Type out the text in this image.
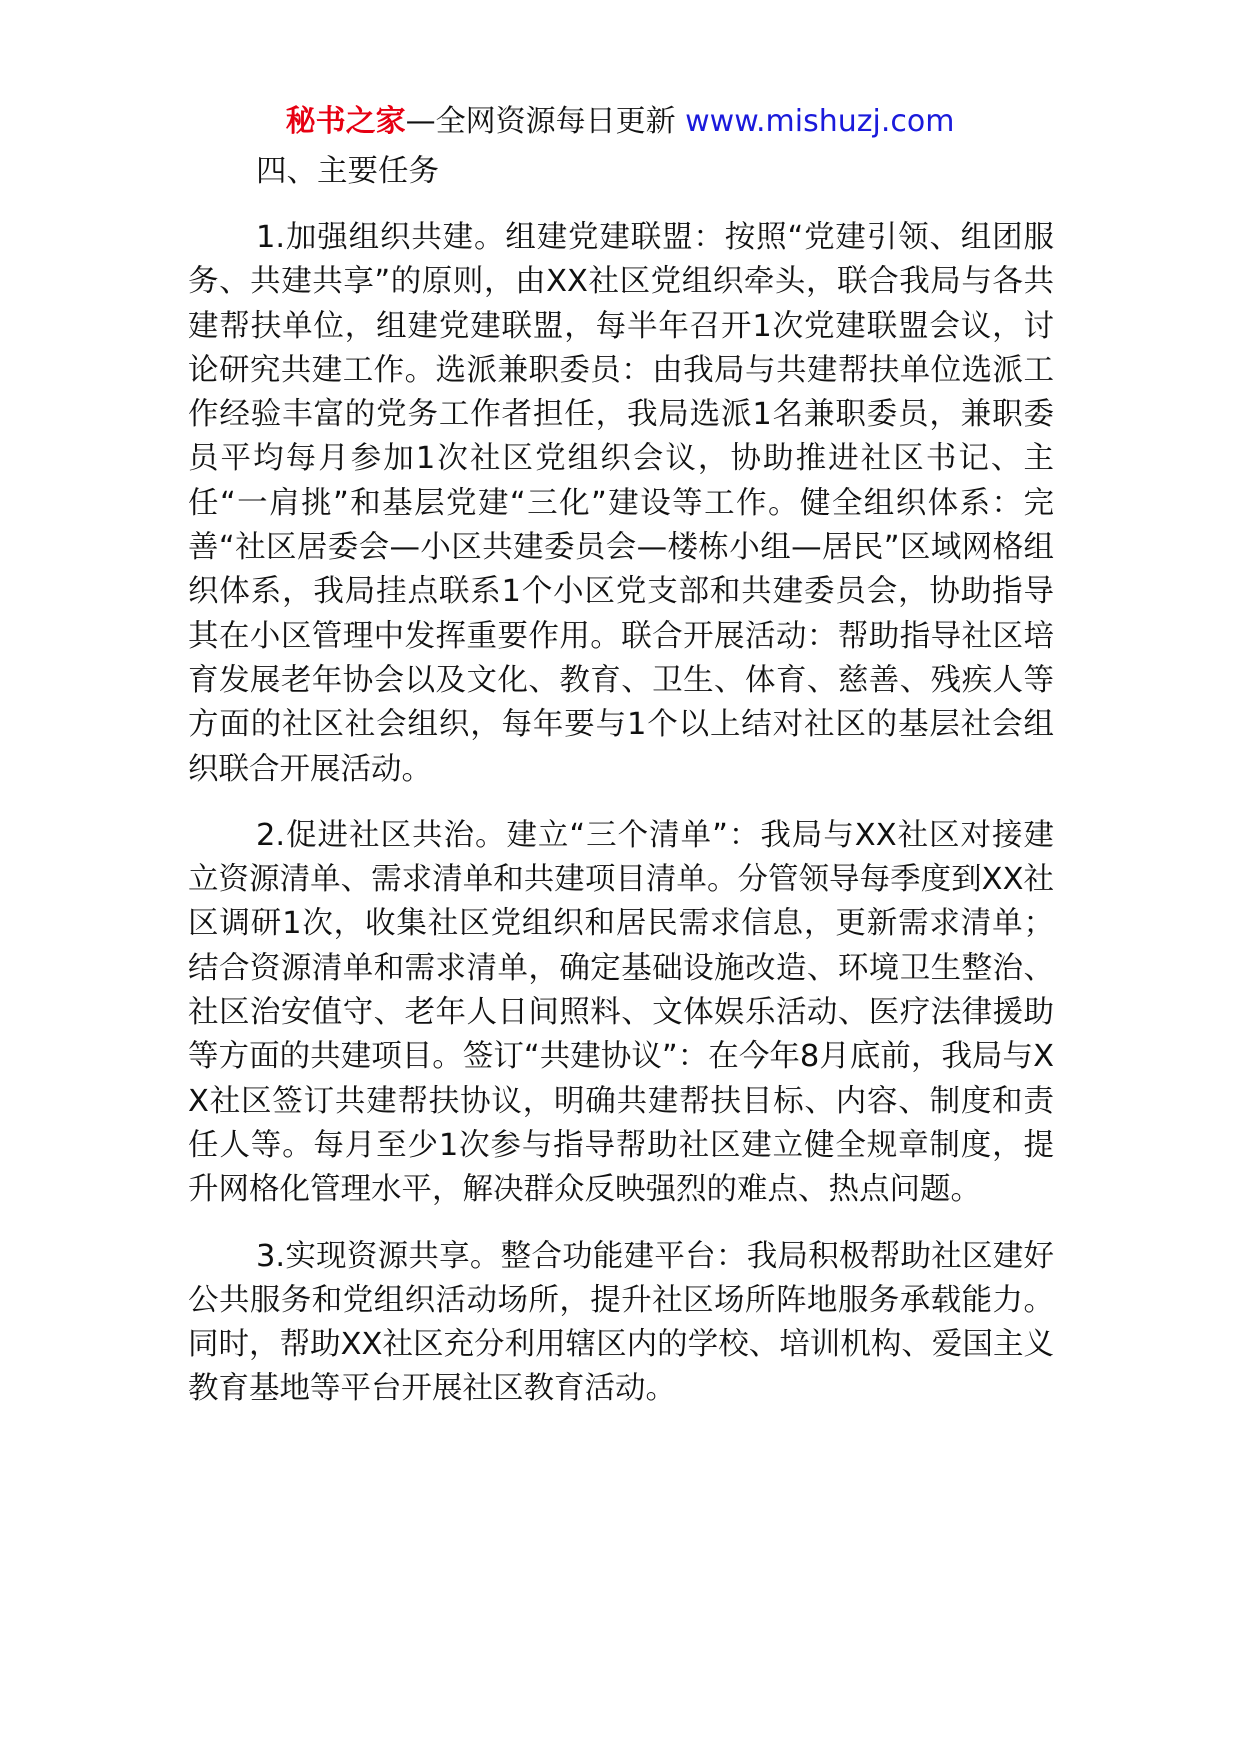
秘书之家—全网资源每日更新 www.mishuzj.com
四、主要任务

1.加强组织共建。组建党建联盟：按照“党建引领、组团服务、共建共享”的原则，由XX社区党组织牵头，联合我局与各共建帮扶单位，组建党建联盟，每半年召开1次党建联盟会议，讨论研究共建工作。选派兼职委员：由我局与共建帮扶单位选派工作经验丰富的党务工作者担任，我局选派1名兼职委员，兼职委员平均每月参加1次社区党组织会议，协助推进社区书记、主任“一肩挑”和基层党建“三化”建设等工作。健全组织体系：完善“社区居委会—小区共建委员会—楼栋小组—居民”区域网格组织体系，我局挂点联系1个小区党支部和共建委员会，协助指导其在小区管理中发挥重要作用。联合开展活动：帮助指导社区培育发展老年协会以及文化、教育、卫生、体育、慈善、残疾人等方面的社区社会组织，每年要与1个以上结对社区的基层社会组织联合开展活动。

2.促进社区共治。建立“三个清单”：我局与XX社区对接建立资源清单、需求清单和共建项目清单。分管领导每季度到XX社区调研1次，收集社区党组织和居民需求信息，更新需求清单；结合资源清单和需求清单，确定基础设施改造、环境卫生整治、社区治安值守、老年人日间照料、文体娱乐活动、医疗法律援助等方面的共建项目。签订“共建协议”：在今年8月底前，我局与XX社区签订共建帮扶协议，明确共建帮扶目标、内容、制度和责任人等。每月至少1次参与指导帮助社区建立健全规章制度，提升网格化管理水平，解决群众反映强烈的难点、热点问题。

3.实现资源共享。整合功能建平台：我局积极帮助社区建好公共服务和党组织活动场所，提升社区场所阵地服务承载能力。同时，帮助XX社区充分利用辖区内的学校、培训机构、爱国主义教育基地等平台开展社区教育活动。
